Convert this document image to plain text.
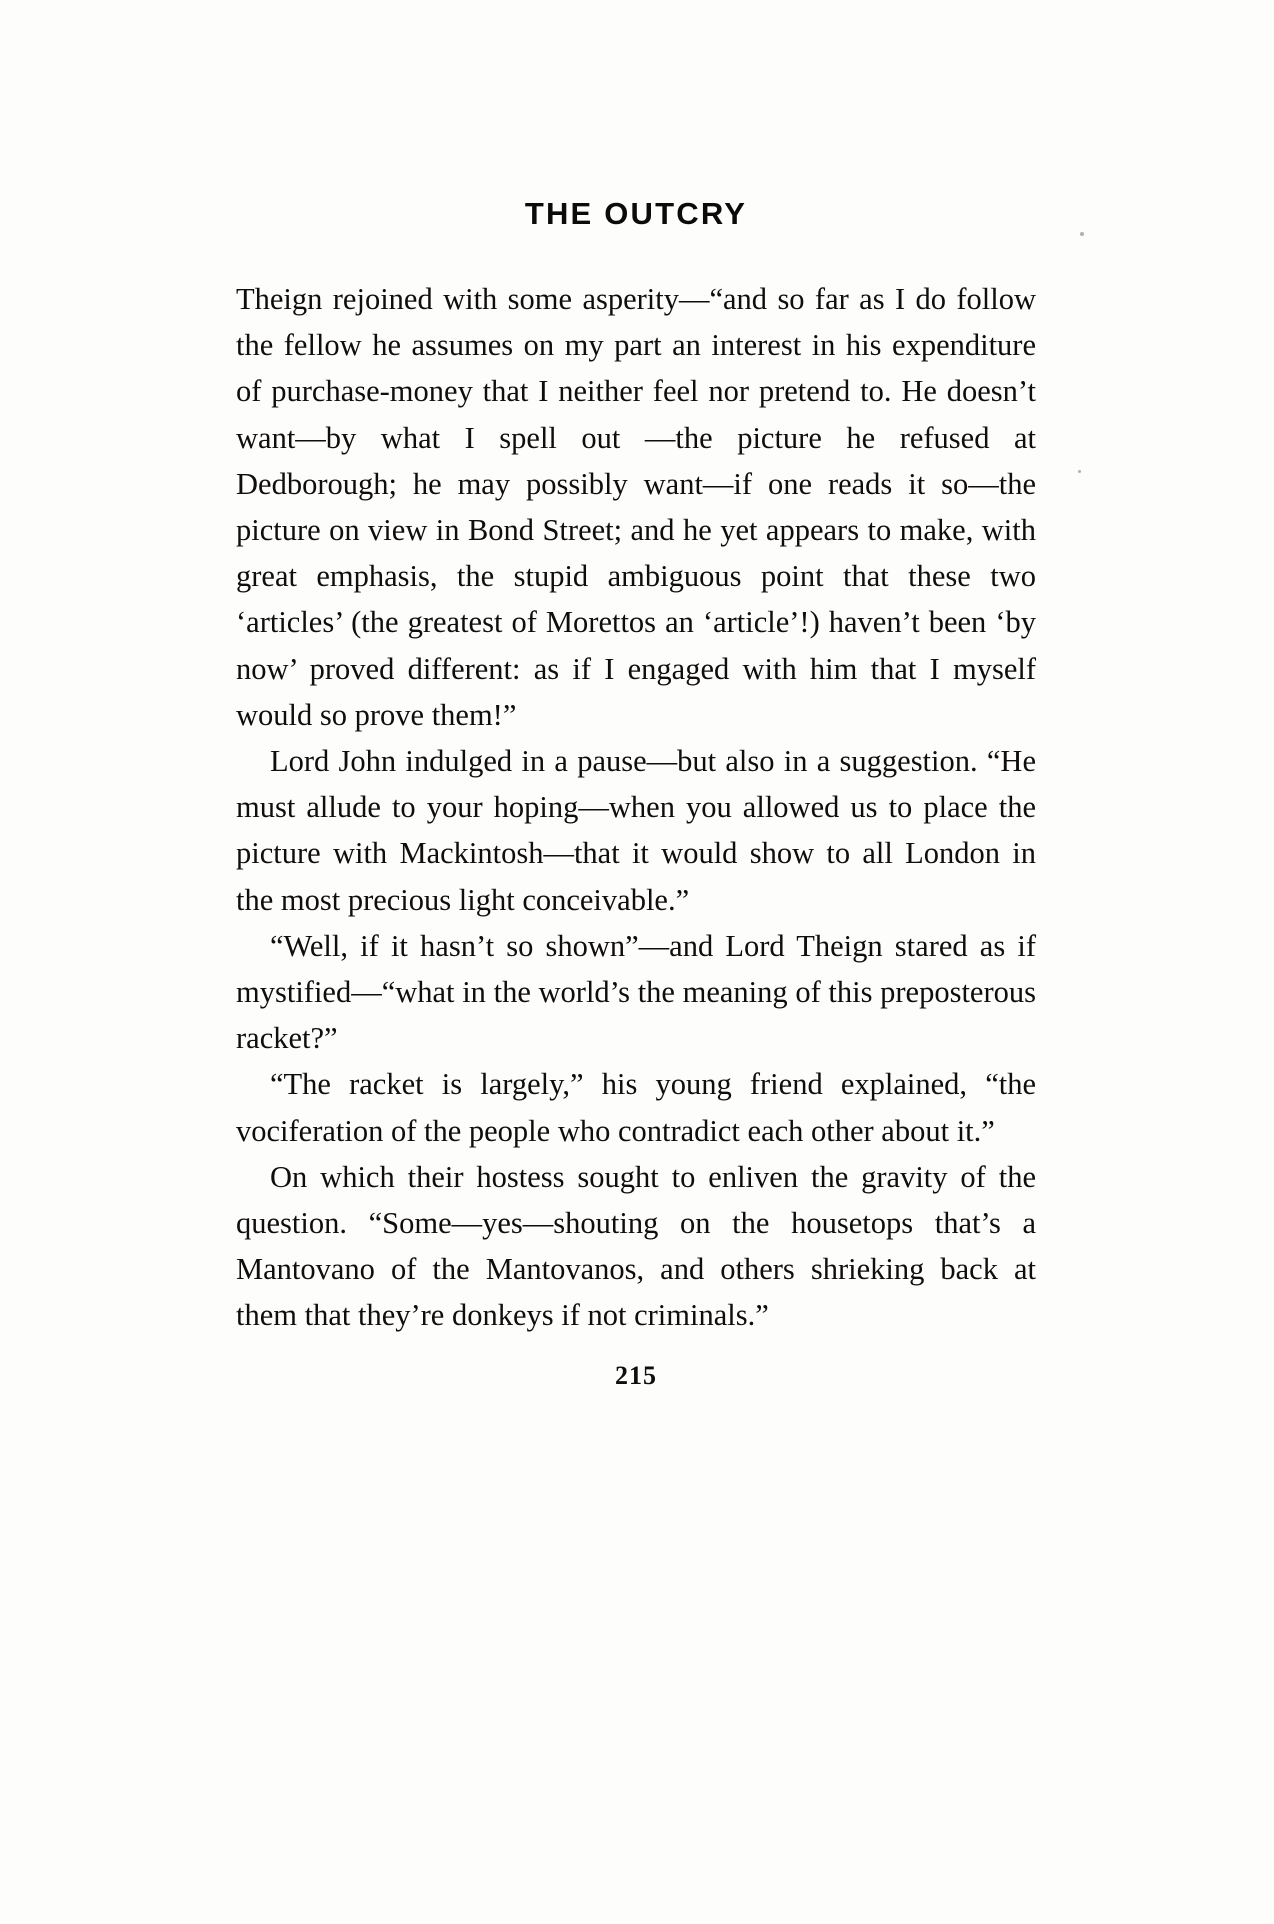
THE OUTCRY

Theign rejoined with some asperity—“and so far as I do follow the fellow he assumes on my part an interest in his expenditure of purchase-money that I neither feel nor pretend to. He doesn’t want—by what I spell out —the picture he refused at Dedborough; he may possibly want—if one reads it so—the picture on view in Bond Street; and he yet appears to make, with great emphasis, the stupid ambiguous point that these two ‘articles’ (the greatest of Morettos an ‘article’!) haven’t been ‘by now’ proved different: as if I engaged with him that I myself would so prove them!”

Lord John indulged in a pause—but also in a suggestion. “He must allude to your hoping—when you allowed us to place the picture with Mackintosh—that it would show to all London in the most precious light conceivable.”

“Well, if it hasn’t so shown”—and Lord Theign stared as if mystified—“what in the world’s the meaning of this preposterous racket?”

“The racket is largely,” his young friend explained, “the vociferation of the people who contradict each other about it.”

On which their hostess sought to enliven the gravity of the question. “Some—yes—shouting on the housetops that’s a Mantovano of the Mantovanos, and others shrieking back at them that they’re donkeys if not criminals.”

215
